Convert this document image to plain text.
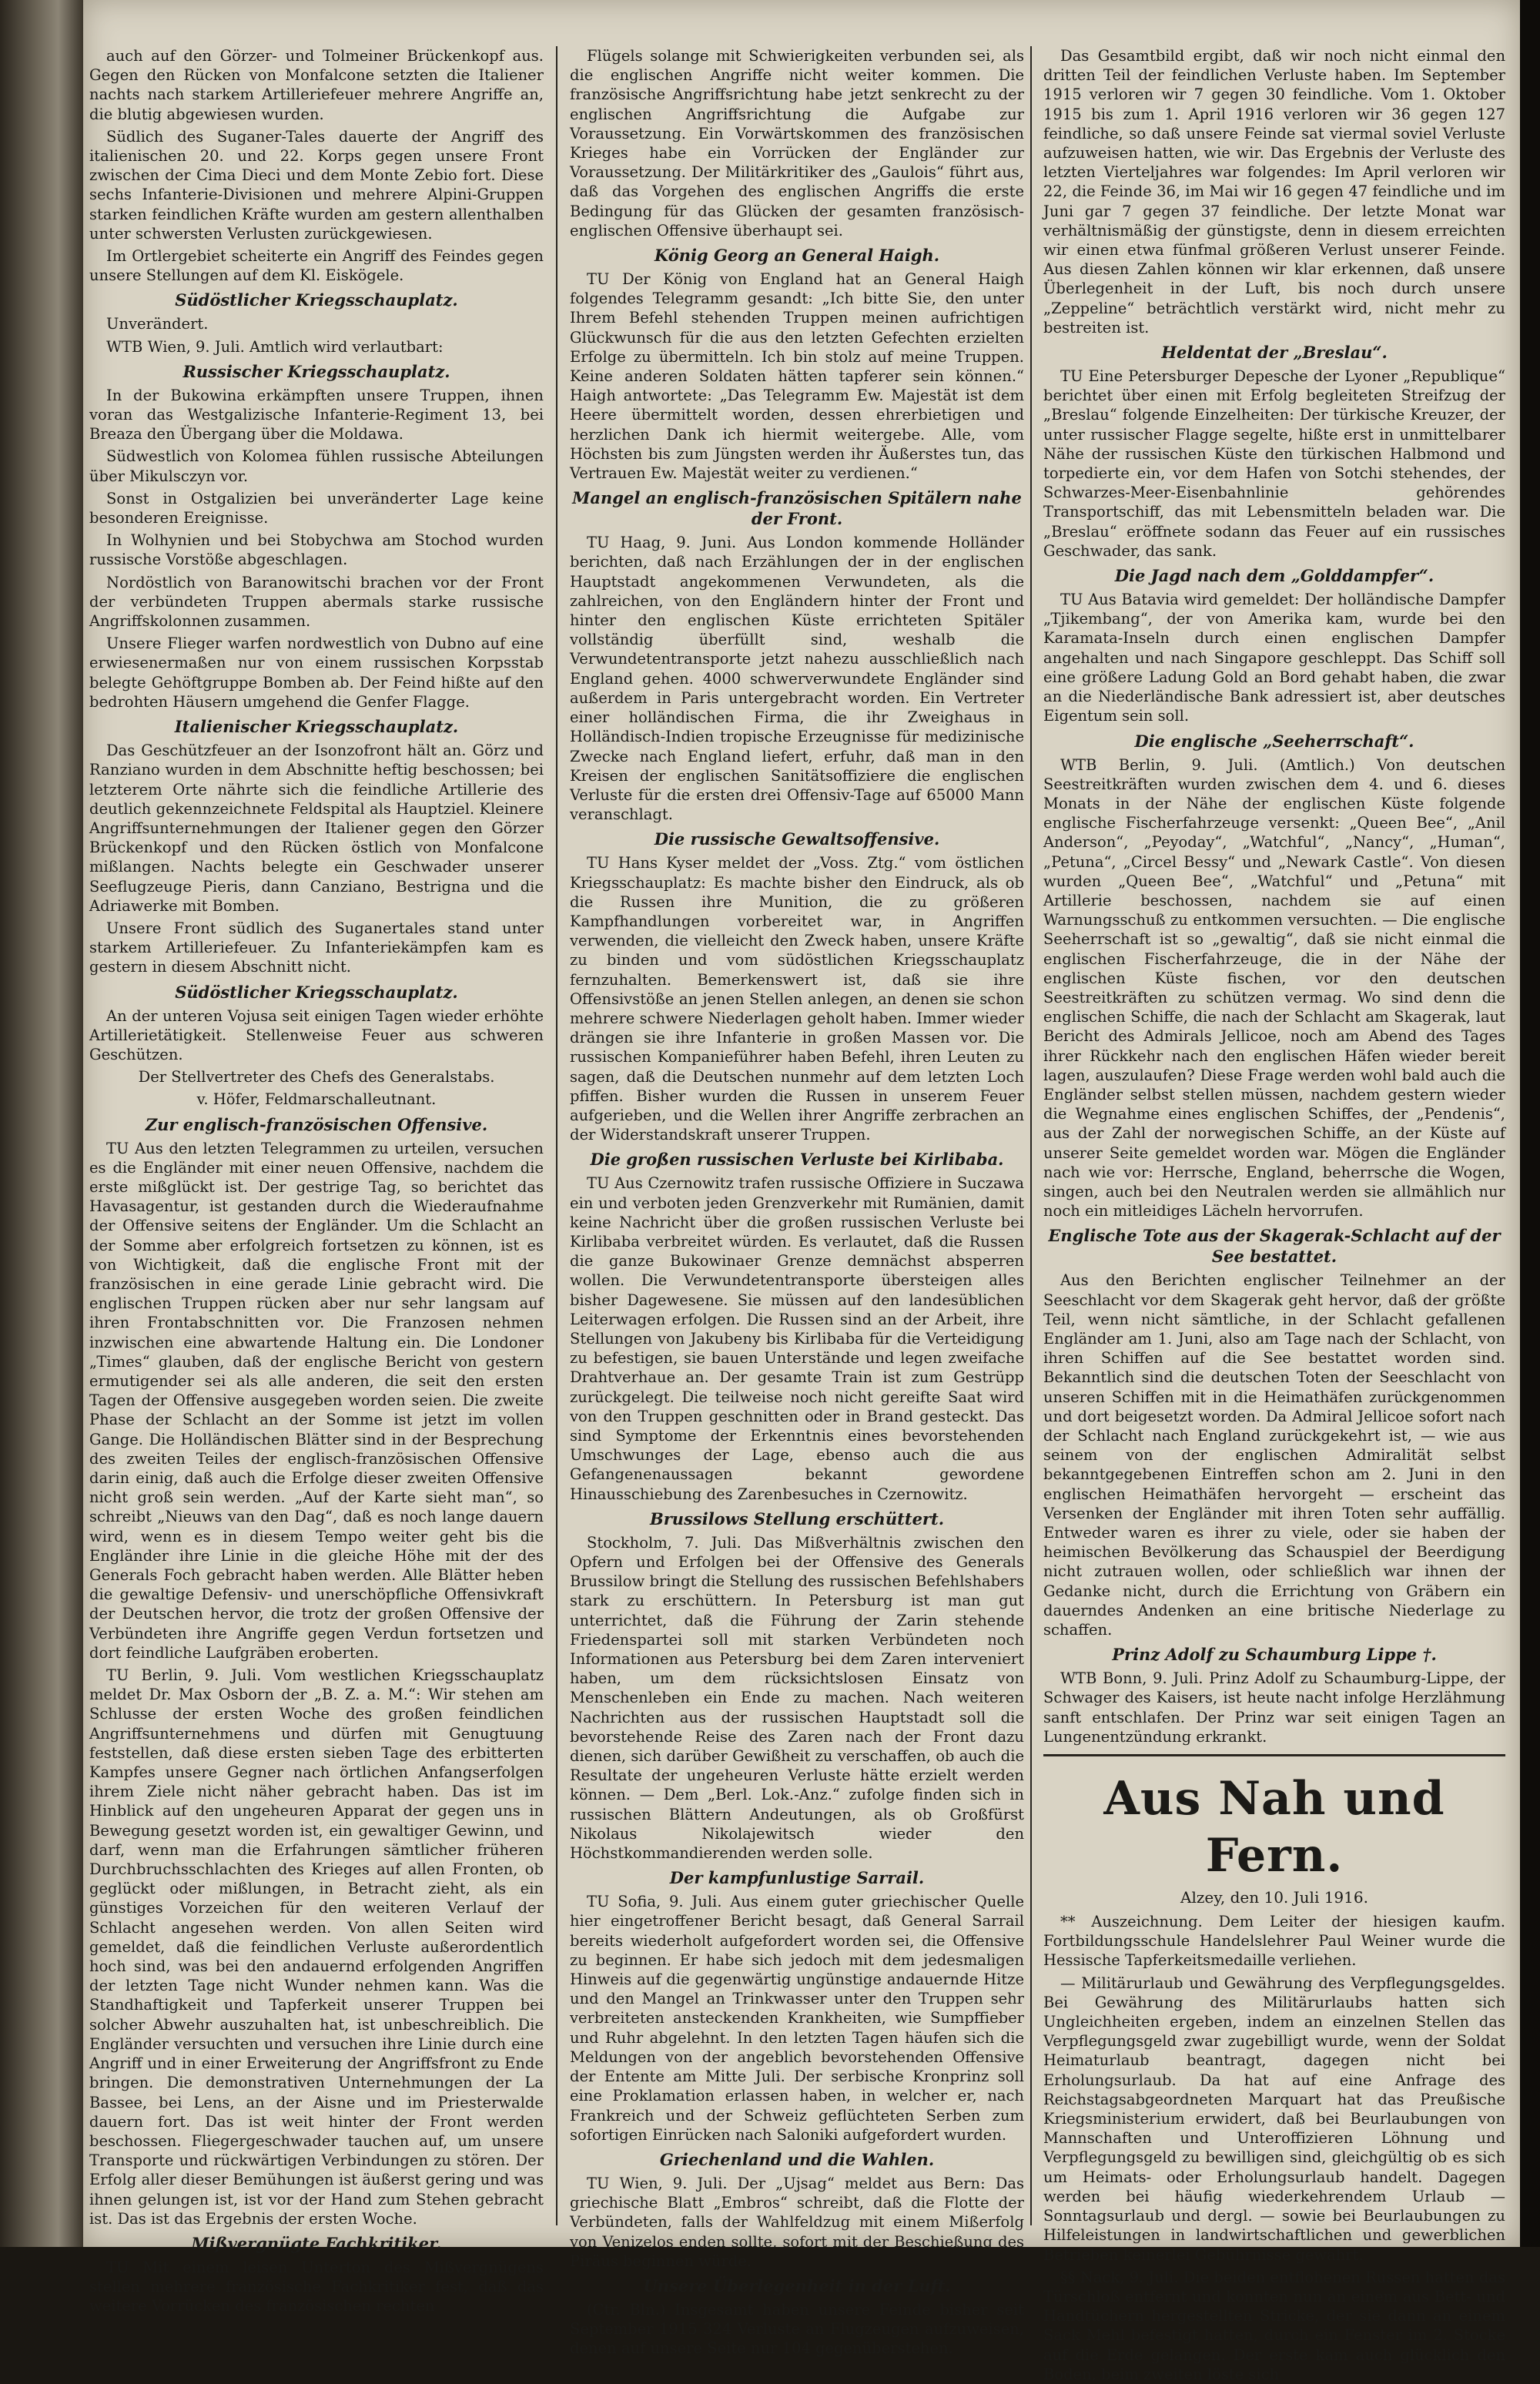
auch auf den Görzer- und Tolmeiner Brückenkopf aus. Gegen den Rücken von Monfalcone setzten die Italiener nachts nach starkem Artilleriefeuer mehrere Angriffe an, die blutig abgewiesen wurden.

Südlich des Suganer-Tales dauerte der Angriff des italienischen 20. und 22. Korps gegen unsere Front zwischen der Cima Dieci und dem Monte Zebio fort. Diese sechs Infanterie-Divisionen und mehrere Alpini-Gruppen starken feindlichen Kräfte wurden am gestern allenthalben unter schwersten Verlusten zurückgewiesen.

Im Ortlergebiet scheiterte ein Angriff des Feindes gegen unsere Stellungen auf dem Kl. Eiskögele.

Südöstlicher Kriegsschauplatz.

Unverändert.

WTB Wien, 9. Juli. Amtlich wird verlautbart:

Russischer Kriegsschauplatz.

In der Bukowina erkämpften unsere Truppen, ihnen voran das Westgalizische Infanterie-Regiment 13, bei Breaza den Übergang über die Moldawa.

Südwestlich von Kolomea fühlen russische Abteilungen über Mikulsczyn vor.

Sonst in Ostgalizien bei unveränderter Lage keine besonderen Ereignisse.

In Wolhynien und bei Stobychwa am Stochod wurden russische Vorstöße abgeschlagen.

Nordöstlich von Baranowitschi brachen vor der Front der verbündeten Truppen abermals starke russische Angriffskolonnen zusammen.

Unsere Flieger warfen nordwestlich von Dubno auf eine erwiesenermaßen nur von einem russischen Korpsstab belegte Gehöftgruppe Bomben ab. Der Feind hißte auf den bedrohten Häusern umgehend die Genfer Flagge.

Italienischer Kriegsschauplatz.

Das Geschützfeuer an der Isonzofront hält an. Görz und Ranziano wurden in dem Abschnitte heftig beschossen; bei letzterem Orte nährte sich die feindliche Artillerie des deutlich gekennzeichnete Feldspital als Hauptziel. Kleinere Angriffsunternehmungen der Italiener gegen den Görzer Brückenkopf und den Rücken östlich von Monfalcone mißlangen. Nachts belegte ein Geschwader unserer Seeflugzeuge Pieris, dann Canziano, Bestrigna und die Adriawerke mit Bomben.

Unsere Front südlich des Suganertales stand unter starkem Artilleriefeuer. Zu Infanteriekämpfen kam es gestern in diesem Abschnitt nicht.

Südöstlicher Kriegsschauplatz.

An der unteren Vojusa seit einigen Tagen wieder erhöhte Artillerietätigkeit. Stellenweise Feuer aus schweren Geschützen.

Der Stellvertreter des Chefs des Generalstabs.

v. Höfer, Feldmarschalleutnant.

Zur englisch-französischen Offensive.

TU Aus den letzten Telegrammen zu urteilen, versuchen es die Engländer mit einer neuen Offensive, nachdem die erste mißglückt ist. Der gestrige Tag, so berichtet das Havasagentur, ist gestanden durch die Wiederaufnahme der Offensive seitens der Engländer. Um die Schlacht an der Somme aber erfolgreich fortsetzen zu können, ist es von Wichtigkeit, daß die englische Front mit der französischen in eine gerade Linie gebracht wird. Die englischen Truppen rücken aber nur sehr langsam auf ihren Frontabschnitten vor. Die Franzosen nehmen inzwischen eine abwartende Haltung ein. Die Londoner „Times“ glauben, daß der englische Bericht von gestern ermutigender sei als alle anderen, die seit den ersten Tagen der Offensive ausgegeben worden seien. Die zweite Phase der Schlacht an der Somme ist jetzt im vollen Gange. Die Holländischen Blätter sind in der Besprechung des zweiten Teiles der englisch-französischen Offensive darin einig, daß auch die Erfolge dieser zweiten Offensive nicht groß sein werden. „Auf der Karte sieht man“, so schreibt „Nieuws van den Dag“, daß es noch lange dauern wird, wenn es in diesem Tempo weiter geht bis die Engländer ihre Linie in die gleiche Höhe mit der des Generals Foch gebracht haben werden. Alle Blätter heben die gewaltige Defensiv- und unerschöpfliche Offensivkraft der Deutschen hervor, die trotz der großen Offensive der Verbündeten ihre Angriffe gegen Verdun fortsetzen und dort feindliche Laufgräben eroberten.

TU Berlin, 9. Juli. Vom westlichen Kriegsschauplatz meldet Dr. Max Osborn der „B. Z. a. M.“: Wir stehen am Schlusse der ersten Woche des großen feindlichen Angriffsunternehmens und dürfen mit Genugtuung feststellen, daß diese ersten sieben Tage des erbitterten Kampfes unsere Gegner nach örtlichen Anfangserfolgen ihrem Ziele nicht näher gebracht haben. Das ist im Hinblick auf den ungeheuren Apparat der gegen uns in Bewegung gesetzt worden ist, ein gewaltiger Gewinn, und darf, wenn man die Erfahrungen sämtlicher früheren Durchbruchsschlachten des Krieges auf allen Fronten, ob geglückt oder mißlungen, in Betracht zieht, als ein günstiges Vorzeichen für den weiteren Verlauf der Schlacht angesehen werden. Von allen Seiten wird gemeldet, daß die feindlichen Verluste außerordentlich hoch sind, was bei den andauernd erfolgenden Angriffen der letzten Tage nicht Wunder nehmen kann. Was die Standhaftigkeit und Tapferkeit unserer Truppen bei solcher Abwehr auszuhalten hat, ist unbeschreiblich. Die Engländer versuchten und versuchen ihre Linie durch eine Angriff und in einer Erweiterung der Angriffsfront zu Ende bringen. Die demonstrativen Unternehmungen der La Bassee, bei Lens, an der Aisne und im Priesterwalde dauern fort. Das ist weit hinter der Front werden beschossen. Fliegergeschwader tauchen auf, um unsere Transporte und rückwärtigen Verbindungen zu stören. Der Erfolg aller dieser Bemühungen ist äußerst gering und was ihnen gelungen ist, ist vor der Hand zum Stehen gebracht ist. Das ist das Ergebnis der ersten Woche.

Mißvergnügte Fachkritiker.

TU Mit einem leisen Unterton des Mißvergnügens stellen mehrere französische Fachkritiker fest, daß das weitere Vorrücken des französischen rechten

Flügels solange mit Schwierigkeiten verbunden sei, als die englischen Angriffe nicht weiter kommen. Die französische Angriffsrichtung habe jetzt senkrecht zu der englischen Angriffsrichtung die Aufgabe zur Voraussetzung. Ein Vorwärtskommen des französischen Krieges habe ein Vorrücken der Engländer zur Voraussetzung. Der Militärkritiker des „Gaulois“ führt aus, daß das Vorgehen des englischen Angriffs die erste Bedingung für das Glücken der gesamten französisch-englischen Offensive überhaupt sei.

König Georg an General Haigh.

TU Der König von England hat an General Haigh folgendes Telegramm gesandt: „Ich bitte Sie, den unter Ihrem Befehl stehenden Truppen meinen aufrichtigen Glückwunsch für die aus den letzten Gefechten erzielten Erfolge zu übermitteln. Ich bin stolz auf meine Truppen. Keine anderen Soldaten hätten tapferer sein können.“ Haigh antwortete: „Das Telegramm Ew. Majestät ist dem Heere übermittelt worden, dessen ehrerbietigen und herzlichen Dank ich hiermit weitergebe. Alle, vom Höchsten bis zum Jüngsten werden ihr Äußerstes tun, das Vertrauen Ew. Majestät weiter zu verdienen.“

Mangel an englisch-französischen Spitälern nahe der Front.

TU Haag, 9. Juni. Aus London kommende Holländer berichten, daß nach Erzählungen der in der englischen Hauptstadt angekommenen Verwundeten, als die zahlreichen, von den Engländern hinter der Front und hinter den englischen Küste errichteten Spitäler vollständig überfüllt sind, weshalb die Verwundetentransporte jetzt nahezu ausschließlich nach England gehen. 4000 schwerverwundete Engländer sind außerdem in Paris untergebracht worden. Ein Vertreter einer holländischen Firma, die ihr Zweighaus in Holländisch-Indien tropische Erzeugnisse für medizinische Zwecke nach England liefert, erfuhr, daß man in den Kreisen der englischen Sanitätsoffiziere die englischen Verluste für die ersten drei Offensiv-Tage auf 65000 Mann veranschlagt.

Die russische Gewaltsoffensive.

TU Hans Kyser meldet der „Voss. Ztg.“ vom östlichen Kriegsschauplatz: Es machte bisher den Eindruck, als ob die Russen ihre Munition, die zu größeren Kampfhandlungen vorbereitet war, in Angriffen verwenden, die vielleicht den Zweck haben, unsere Kräfte zu binden und vom südöstlichen Kriegsschauplatz fernzuhalten. Bemerkenswert ist, daß sie ihre Offensivstöße an jenen Stellen anlegen, an denen sie schon mehrere schwere Niederlagen geholt haben. Immer wieder drängen sie ihre Infanterie in großen Massen vor. Die russischen Kompanieführer haben Befehl, ihren Leuten zu sagen, daß die Deutschen nunmehr auf dem letzten Loch pfiffen. Bisher wurden die Russen in unserem Feuer aufgerieben, und die Wellen ihrer Angriffe zerbrachen an der Widerstandskraft unserer Truppen.

Die großen russischen Verluste bei Kirlibaba.

TU Aus Czernowitz trafen russische Offiziere in Suczawa ein und verboten jeden Grenzverkehr mit Rumänien, damit keine Nachricht über die großen russischen Verluste bei Kirlibaba verbreitet würden. Es verlautet, daß die Russen die ganze Bukowinaer Grenze demnächst absperren wollen. Die Verwundetentransporte übersteigen alles bisher Dagewesene. Sie müssen auf den landesüblichen Leiterwagen erfolgen. Die Russen sind an der Arbeit, ihre Stellungen von Jakubeny bis Kirlibaba für die Verteidigung zu befestigen, sie bauen Unterstände und legen zweifache Drahtverhaue an. Der gesamte Train ist zum Gestrüpp zurückgelegt. Die teilweise noch nicht gereifte Saat wird von den Truppen geschnitten oder in Brand gesteckt. Das sind Symptome der Erkenntnis eines bevorstehenden Umschwunges der Lage, ebenso auch die aus Gefangenenaussagen bekannt gewordene Hinausschiebung des Zarenbesuches in Czernowitz.

Brussilows Stellung erschüttert.

Stockholm, 7. Juli. Das Mißverhältnis zwischen den Opfern und Erfolgen bei der Offensive des Generals Brussilow bringt die Stellung des russischen Befehlshabers stark zu erschüttern. In Petersburg ist man gut unterrichtet, daß die Führung der Zarin stehende Friedenspartei soll mit starken Verbündeten noch Informationen aus Petersburg bei dem Zaren interveniert haben, um dem rücksichtslosen Einsatz von Menschenleben ein Ende zu machen. Nach weiteren Nachrichten aus der russischen Hauptstadt soll die bevorstehende Reise des Zaren nach der Front dazu dienen, sich darüber Gewißheit zu verschaffen, ob auch die Resultate der ungeheuren Verluste hätte erzielt werden können. — Dem „Berl. Lok.-Anz.“ zufolge finden sich in russischen Blättern Andeutungen, als ob Großfürst Nikolaus Nikolajewitsch wieder den Höchstkommandierenden werden solle.

Der kampfunlustige Sarrail.

TU Sofia, 9. Juli. Aus einem guter griechischer Quelle hier eingetroffener Bericht besagt, daß General Sarrail bereits wiederholt aufgefordert worden sei, die Offensive zu beginnen. Er habe sich jedoch mit dem jedesmaligen Hinweis auf die gegenwärtig ungünstige andauernde Hitze und den Mangel an Trinkwasser unter den Truppen sehr verbreiteten ansteckenden Krankheiten, wie Sumpffieber und Ruhr abgelehnt. In den letzten Tagen häufen sich die Meldungen von der angeblich bevorstehenden Offensive der Entente am Mitte Juli. Der serbische Kronprinz soll eine Proklamation erlassen haben, in welcher er, nach Frankreich und der Schweiz geflüchteten Serben zum sofortigen Einrücken nach Saloniki aufgefordert wurden.

Griechenland und die Wahlen.

TU Wien, 9. Juli. Der „Ujsag“ meldet aus Bern: Das griechische Blatt „Embros“ schreibt, daß die Flotte der Verbündeten, falls der Wahlfeldzug mit einem Mißerfolg von Venizelos enden sollte, sofort mit der Beschießung des Piräus beginnen würde.

Unsere Überlegenheit in der Luft.

(Ctr. Bln.) Insgesamt haben unsere Feinde bisher seit September 1915 324 Verluste an Flugzeugen aufzuweisen, denen auf unsere Seite nur 104 gegenüberstehen.

Das Gesamtbild ergibt, daß wir noch nicht einmal den dritten Teil der feindlichen Verluste haben. Im September 1915 verloren wir 7 gegen 30 feindliche. Vom 1. Oktober 1915 bis zum 1. April 1916 verloren wir 36 gegen 127 feindliche, so daß unsere Feinde sat viermal soviel Verluste aufzuweisen hatten, wie wir. Das Ergebnis der Verluste des letzten Vierteljahres war folgendes: Im April verloren wir 22, die Feinde 36, im Mai wir 16 gegen 47 feindliche und im Juni gar 7 gegen 37 feindliche. Der letzte Monat war verhältnismäßig der günstigste, denn in diesem erreichten wir einen etwa fünfmal größeren Verlust unserer Feinde. Aus diesen Zahlen können wir klar erkennen, daß unsere Überlegenheit in der Luft, bis noch durch unsere „Zeppeline“ beträchtlich verstärkt wird, nicht mehr zu bestreiten ist.

Heldentat der „Breslau“.

TU Eine Petersburger Depesche der Lyoner „Republique“ berichtet über einen mit Erfolg begleiteten Streifzug der „Breslau“ folgende Einzelheiten: Der türkische Kreuzer, der unter russischer Flagge segelte, hißte erst in unmittelbarer Nähe der russischen Küste den türkischen Halbmond und torpedierte ein, vor dem Hafen von Sotchi stehendes, der Schwarzes-Meer-Eisenbahnlinie gehörendes Transportschiff, das mit Lebensmitteln beladen war. Die „Breslau“ eröffnete sodann das Feuer auf ein russisches Geschwader, das sank.

Die Jagd nach dem „Golddampfer“.

TU Aus Batavia wird gemeldet: Der holländische Dampfer „Tjikembang“, der von Amerika kam, wurde bei den Karamata-Inseln durch einen englischen Dampfer angehalten und nach Singapore geschleppt. Das Schiff soll eine größere Ladung Gold an Bord gehabt haben, die zwar an die Niederländische Bank adressiert ist, aber deutsches Eigentum sein soll.

Die englische „Seeherrschaft“.

WTB Berlin, 9. Juli. (Amtlich.) Von deutschen Seestreitkräften wurden zwischen dem 4. und 6. dieses Monats in der Nähe der englischen Küste folgende englische Fischerfahrzeuge versenkt: „Queen Bee“, „Anil Anderson“, „Peyoday“, „Watchful“, „Nancy“, „Human“, „Petuna“, „Circel Bessy“ und „Newark Castle“. Von diesen wurden „Queen Bee“, „Watchful“ und „Petuna“ mit Artillerie beschossen, nachdem sie auf einen Warnungsschuß zu entkommen versuchten. — Die englische Seeherrschaft ist so „gewaltig“, daß sie nicht einmal die englischen Fischerfahrzeuge, die in der Nähe der englischen Küste fischen, vor den deutschen Seestreitkräften zu schützen vermag. Wo sind denn die englischen Schiffe, die nach der Schlacht am Skagerak, laut Bericht des Admirals Jellicoe, noch am Abend des Tages ihrer Rückkehr nach den englischen Häfen wieder bereit lagen, auszulaufen? Diese Frage werden wohl bald auch die Engländer selbst stellen müssen, nachdem gestern wieder die Wegnahme eines englischen Schiffes, der „Pendenis“, aus der Zahl der norwegischen Schiffe, an der Küste auf unserer Seite gemeldet worden war. Mögen die Engländer nach wie vor: Herrsche, England, beherrsche die Wogen, singen, auch bei den Neutralen werden sie allmählich nur noch ein mitleidiges Lächeln hervorrufen.

Englische Tote aus der Skagerak-Schlacht auf der See bestattet.

Aus den Berichten englischer Teilnehmer an der Seeschlacht vor dem Skagerak geht hervor, daß der größte Teil, wenn nicht sämtliche, in der Schlacht gefallenen Engländer am 1. Juni, also am Tage nach der Schlacht, von ihren Schiffen auf die See bestattet worden sind. Bekanntlich sind die deutschen Toten der Seeschlacht von unseren Schiffen mit in die Heimathäfen zurückgenommen und dort beigesetzt worden. Da Admiral Jellicoe sofort nach der Schlacht nach England zurückgekehrt ist, — wie aus seinem von der englischen Admiralität selbst bekanntgegebenen Eintreffen schon am 2. Juni in den englischen Heimathäfen hervorgeht — erscheint das Versenken der Engländer mit ihren Toten sehr auffällig. Entweder waren es ihrer zu viele, oder sie haben der heimischen Bevölkerung das Schauspiel der Beerdigung nicht zutrauen wollen, oder schließlich war ihnen der Gedanke nicht, durch die Errichtung von Gräbern ein dauerndes Andenken an eine britische Niederlage zu schaffen.

Prinz Adolf zu Schaumburg Lippe †.

WTB Bonn, 9. Juli. Prinz Adolf zu Schaumburg-Lippe, der Schwager des Kaisers, ist heute nacht infolge Herzlähmung sanft entschlafen. Der Prinz war seit einigen Tagen an Lungenentzündung erkrankt.

Aus Nah und Fern.
Alzey, den 10. Juli 1916.

** Auszeichnung. Dem Leiter der hiesigen kaufm. Fortbildungsschule Handelslehrer Paul Weiner wurde die Hessische Tapferkeitsmedaille verliehen.

— Militärurlaub und Gewährung des Verpflegungsgeldes. Bei Gewährung des Militärurlaubs hatten sich Ungleichheiten ergeben, indem an einzelnen Stellen das Verpflegungsgeld zwar zugebilligt wurde, wenn der Soldat Heimaturlaub beantragt, dagegen nicht bei Erholungsurlaub. Da hat auf eine Anfrage des Reichstagsabgeordneten Marquart hat das Preußische Kriegsministerium erwidert, daß bei Beurlaubungen von Mannschaften und Unteroffizieren Löhnung und Verpflegungsgeld zu bewilligen sind, gleichgültig ob es sich um Heimats- oder Erholungsurlaub handelt. Dagegen werden bei häufig wiederkehrendem Urlaub — Sonntagsurlaub und dergl. — sowie bei Beurlaubungen zu Hilfeleistungen in landwirtschaftlichen und gewerblichen Betrieben keinerlei Gebührnisse gewährt.

§§ Nack, 9. Juli. Die beiden entflohenen Russen hatten das Türschloß entfernt und konnten nun an einem aus Bett- und Handtüchern hergestellten Stricke, der sie dann an einem Sack Mehl befestigt hatten, durch ein Fenster im 2. Stocke auf die Erde gelangen. Der erste kam auch glücklich den Boden, beim zweiten löste sich
